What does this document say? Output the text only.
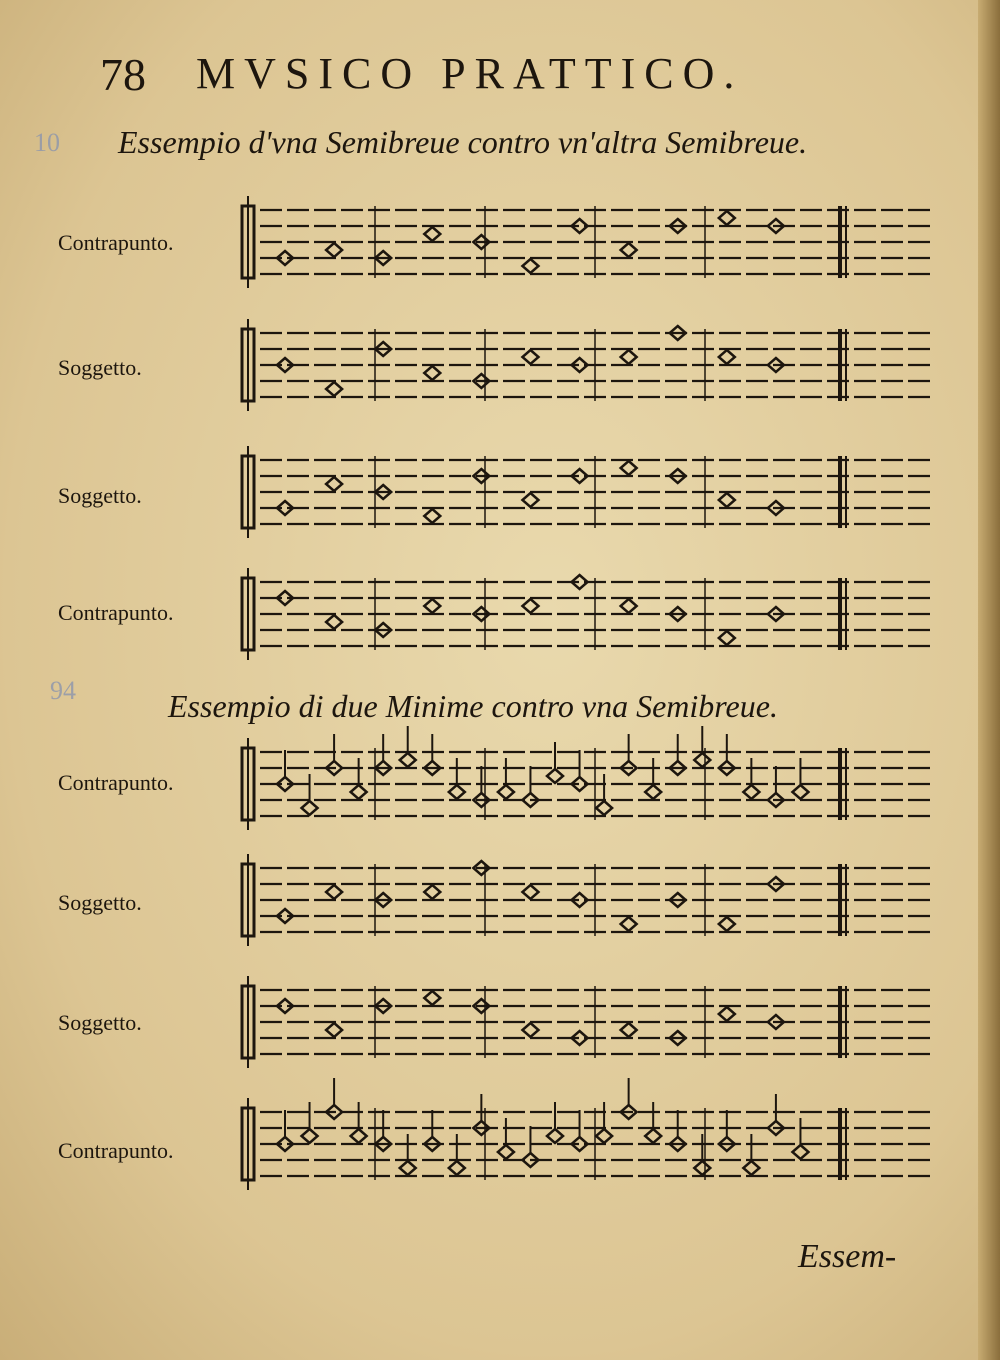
78 MVSICO PRATTICO.
10
94
Essempio d'vna Semibreue contro vn'altra Semibreue.
Contrapunto.
Soggetto.
Soggetto.
Contrapunto.
Essempio di due Minime contro vna Semibreue.
Contrapunto.
Soggetto.
Soggetto.
Contrapunto.
Essem-
